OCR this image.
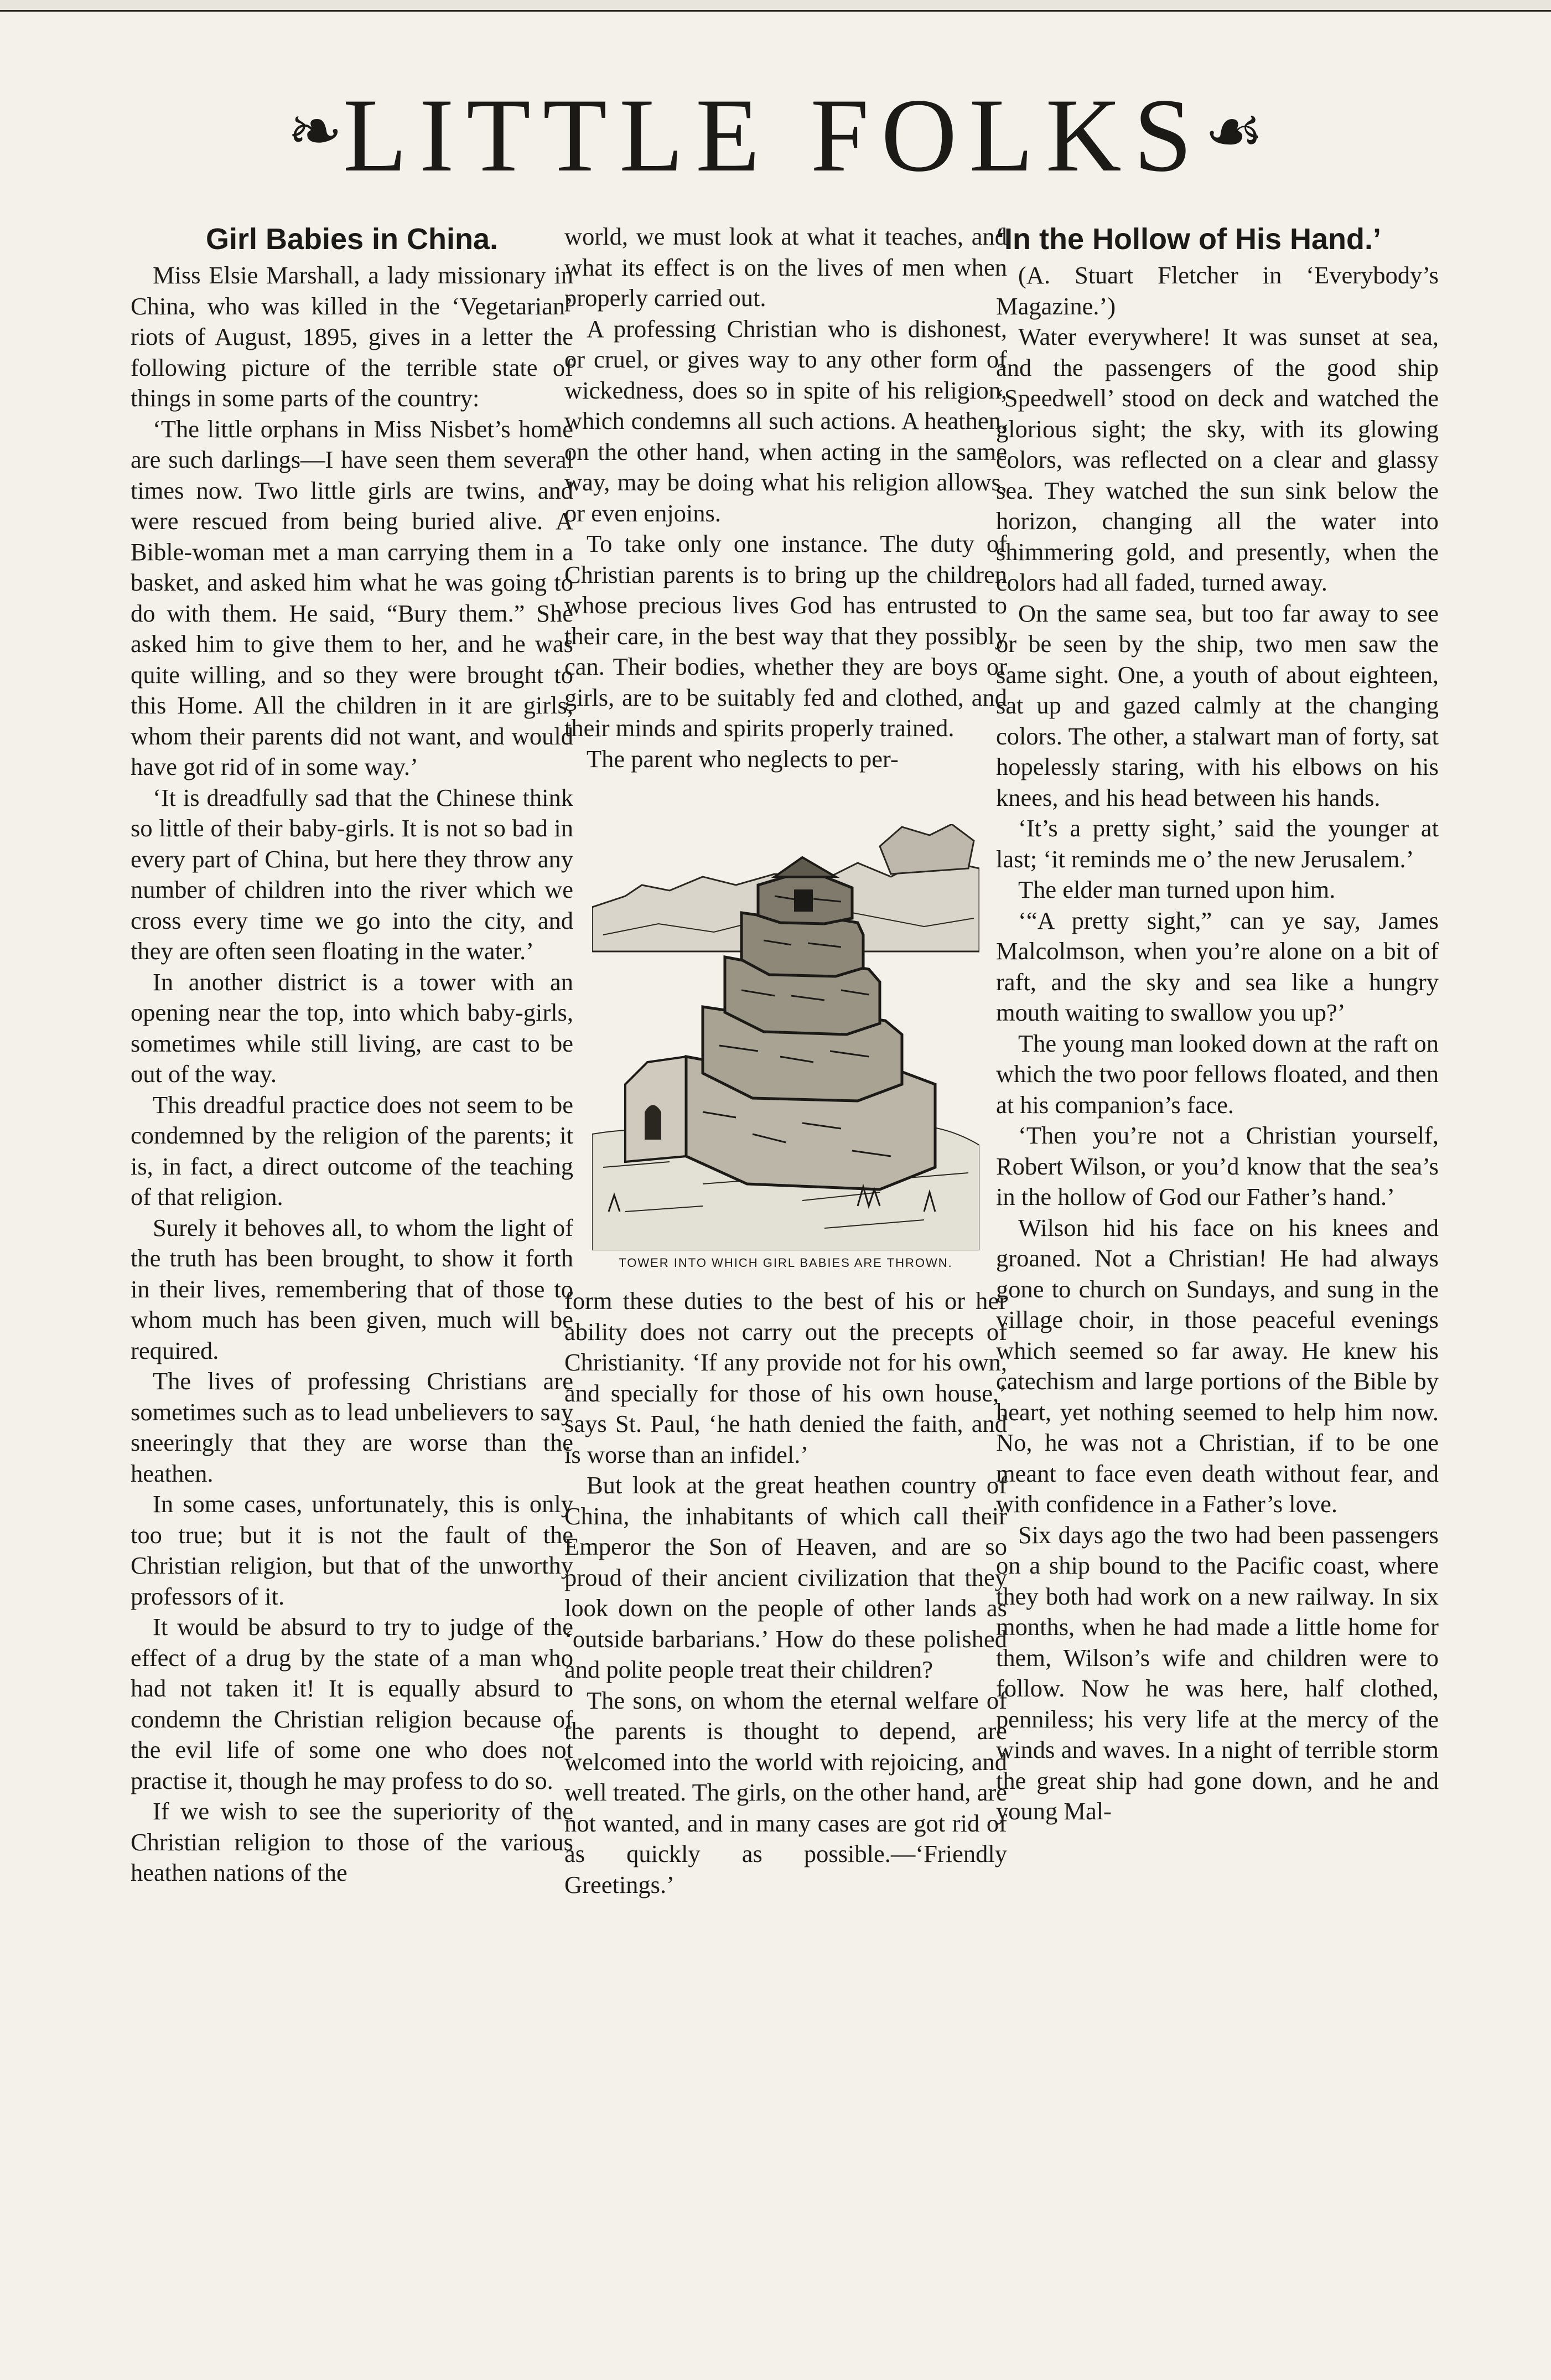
❧LITTLE FOLKS☙
Girl Babies in China.

Miss Elsie Marshall, a lady missionary in China, who was killed in the ‘Vegetarian’ riots of August, 1895, gives in a letter the following picture of the terrible state of things in some parts of the country:

‘The little orphans in Miss Nisbet’s home are such darlings—I have seen them several times now. Two little girls are twins, and were rescued from being buried alive. A Bible-woman met a man carrying them in a basket, and asked him what he was going to do with them. He said, “Bury them.” She asked him to give them to her, and he was quite willing, and so they were brought to this Home. All the children in it are girls, whom their parents did not want, and would have got rid of in some way.’

‘It is dreadfully sad that the Chinese think so little of their baby-girls. It is not so bad in every part of China, but here they throw any number of children into the river which we cross every time we go into the city, and they are often seen floating in the water.’

In another district is a tower with an opening near the top, into which baby-girls, sometimes while still living, are cast to be out of the way.

This dreadful practice does not seem to be condemned by the religion of the parents; it is, in fact, a direct outcome of the teaching of that religion.

Surely it behoves all, to whom the light of the truth has been brought, to show it forth in their lives, remembering that of those to whom much has been given, much will be required.

The lives of professing Christians are sometimes such as to lead unbelievers to say sneeringly that they are worse than the heathen.

In some cases, unfortunately, this is only too true; but it is not the fault of the Christian religion, but that of the unworthy professors of it.

It would be absurd to try to judge of the effect of a drug by the state of a man who had not taken it! It is equally absurd to condemn the Christian religion because of the evil life of some one who does not practise it, though he may profess to do so.

If we wish to see the superiority of the Christian religion to those of the various heathen nations of the

world, we must look at what it teaches, and what its effect is on the lives of men when properly carried out.

A professing Christian who is dishonest, or cruel, or gives way to any other form of wickedness, does so in spite of his religion, which condemns all such actions. A heathen, on the other hand, when acting in the same way, may be doing what his religion allows, or even enjoins.

To take only one instance. The duty of Christian parents is to bring up the children whose precious lives God has entrusted to their care, in the best way that they possibly can. Their bodies, whether they are boys or girls, are to be suitably fed and clothed, and their minds and spirits properly trained.

The parent who neglects to per-

TOWER INTO WHICH GIRL BABIES ARE THROWN.

form these duties to the best of his or her ability does not carry out the precepts of Christianity. ‘If any provide not for his own, and specially for those of his own house,’ says St. Paul, ‘he hath denied the faith, and is worse than an infidel.’

But look at the great heathen country of China, the inhabitants of which call their Emperor the Son of Heaven, and are so proud of their ancient civilization that they look down on the people of other lands as ‘outside barbarians.’ How do these polished and polite people treat their children?

The sons, on whom the eternal welfare of the parents is thought to depend, are welcomed into the world with rejoicing, and well treated. The girls, on the other hand, are not wanted, and in many cases are got rid of as quickly as possible.—‘Friendly Greetings.’

‘In the Hollow of His Hand.’

(A. Stuart Fletcher in ‘Everybody’s Magazine.’)

Water everywhere! It was sunset at sea, and the passengers of the good ship ‘Speedwell’ stood on deck and watched the glorious sight; the sky, with its glowing colors, was reflected on a clear and glassy sea. They watched the sun sink below the horizon, changing all the water into shimmering gold, and presently, when the colors had all faded, turned away.

On the same sea, but too far away to see or be seen by the ship, two men saw the same sight. One, a youth of about eighteen, sat up and gazed calmly at the changing colors. The other, a stalwart man of forty, sat hopelessly staring, with his elbows on his knees, and his head between his hands.

‘It’s a pretty sight,’ said the younger at last; ‘it reminds me o’ the new Jerusalem.’

The elder man turned upon him.

‘“A pretty sight,” can ye say, James Malcolmson, when you’re alone on a bit of raft, and the sky and sea like a hungry mouth waiting to swallow you up?’

The young man looked down at the raft on which the two poor fellows floated, and then at his companion’s face.

‘Then you’re not a Christian yourself, Robert Wilson, or you’d know that the sea’s in the hollow of God our Father’s hand.’

Wilson hid his face on his knees and groaned. Not a Christian! He had always gone to church on Sundays, and sung in the village choir, in those peaceful evenings which seemed so far away. He knew his catechism and large portions of the Bible by heart, yet nothing seemed to help him now. No, he was not a Christian, if to be one meant to face even death without fear, and with confidence in a Father’s love.

Six days ago the two had been passengers on a ship bound to the Pacific coast, where they both had work on a new railway. In six months, when he had made a little home for them, Wilson’s wife and children were to follow. Now he was here, half clothed, penniless; his very life at the mercy of the winds and waves. In a night of terrible storm the great ship had gone down, and he and young Mal-
